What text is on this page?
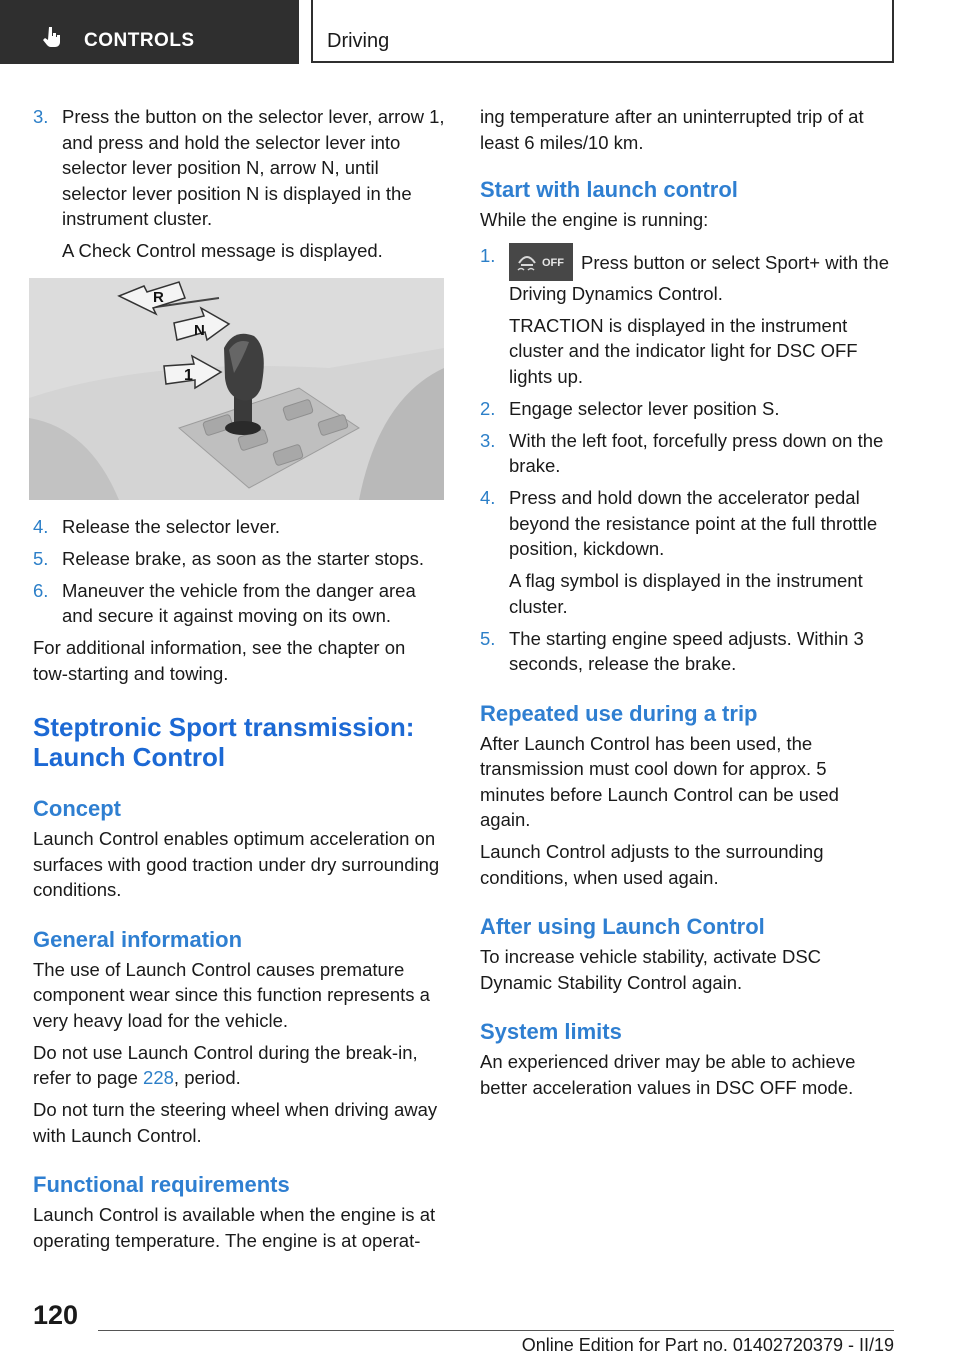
CONTROLS	Driving
3. Press the button on the selector lever, arrow 1, and press and hold the selector lever into selector lever position N, arrow N, until selector lever position N is displayed in the instrument cluster.
A Check Control message is displayed.
R
N
1
4. Release the selector lever.
5. Release brake, as soon as the starter stops.
6. Maneuver the vehicle from the danger area and secure it against moving on its own.

For additional information, see the chapter on tow-starting and towing.

Steptronic Sport transmission: Launch Control
Concept

Launch Control enables optimum acceleration on surfaces with good traction under dry surrounding conditions.

General information

The use of Launch Control causes premature component wear since this function represents a very heavy load for the vehicle.

Do not use Launch Control during the break-in, refer to page 228, period.

Do not turn the steering wheel when driving away with Launch Control.

Functional requirements

Launch Control is available when the engine is at operating temperature. The engine is at operat-

ing temperature after an uninterrupted trip of at least 6 miles/10 km.

Start with launch control

While the engine is running:

1.	OFF Press button or select Sport+ with the Driving Dynamics Control.
TRACTION is displayed in the instrument cluster and the indicator light for DSC OFF lights up.
2. Engage selector lever position S.
3. With the left foot, forcefully press down on the brake.
4. Press and hold down the accelerator pedal beyond the resistance point at the full throttle position, kickdown.
A flag symbol is displayed in the instrument cluster.
5. The starting engine speed adjusts. Within 3 seconds, release the brake.
Repeated use during a trip

After Launch Control has been used, the transmission must cool down for approx. 5 minutes before Launch Control can be used again.

Launch Control adjusts to the surrounding conditions, when used again.

After using Launch Control

To increase vehicle stability, activate DSC Dynamic Stability Control again.

System limits

An experienced driver may be able to achieve better acceleration values in DSC OFF mode.

120
Online Edition for Part no. 01402720379 - II/19
